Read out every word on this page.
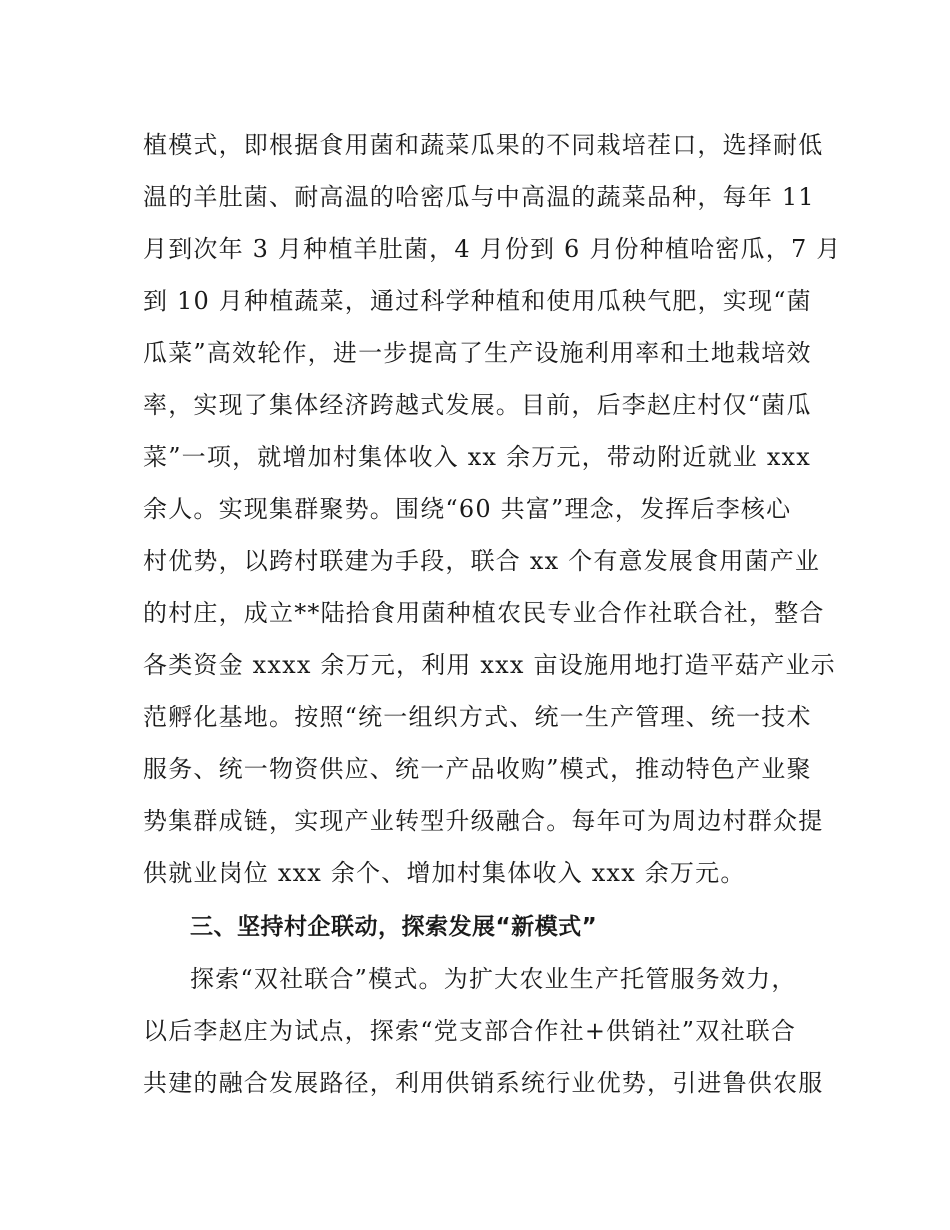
植模式，即根据食用菌和蔬菜瓜果的不同栽培茬口，选择耐低
温的羊肚菌、耐高温的哈密瓜与中高温的蔬菜品种，每年 11
月到次年 3 月种植羊肚菌，4 月份到 6 月份种植哈密瓜，7 月
到 10 月种植蔬菜，通过科学种植和使用瓜秧气肥，实现“菌
瓜菜”高效轮作，进一步提高了生产设施利用率和土地栽培效
率，实现了集体经济跨越式发展。目前，后李赵庄村仅“菌瓜
菜”一项，就增加村集体收入 xx 余万元，带动附近就业 xxx
余人。实现集群聚势。围绕“60 共富”理念，发挥后李核心
村优势，以跨村联建为手段，联合 xx 个有意发展食用菌产业
的村庄，成立**陆拾食用菌种植农民专业合作社联合社，整合
各类资金 xxxx 余万元，利用 xxx 亩设施用地打造平菇产业示
范孵化基地。按照“统一组织方式、统一生产管理、统一技术
服务、统一物资供应、统一产品收购”模式，推动特色产业聚
势集群成链，实现产业转型升级融合。每年可为周边村群众提
供就业岗位 xxx 余个、增加村集体收入 xxx 余万元。
三、坚持村企联动，探索发展“新模式”
探索“双社联合”模式。为扩大农业生产托管服务效力，
以后李赵庄为试点，探索“党支部合作社+供销社”双社联合
共建的融合发展路径，利用供销系统行业优势，引进鲁供农服
